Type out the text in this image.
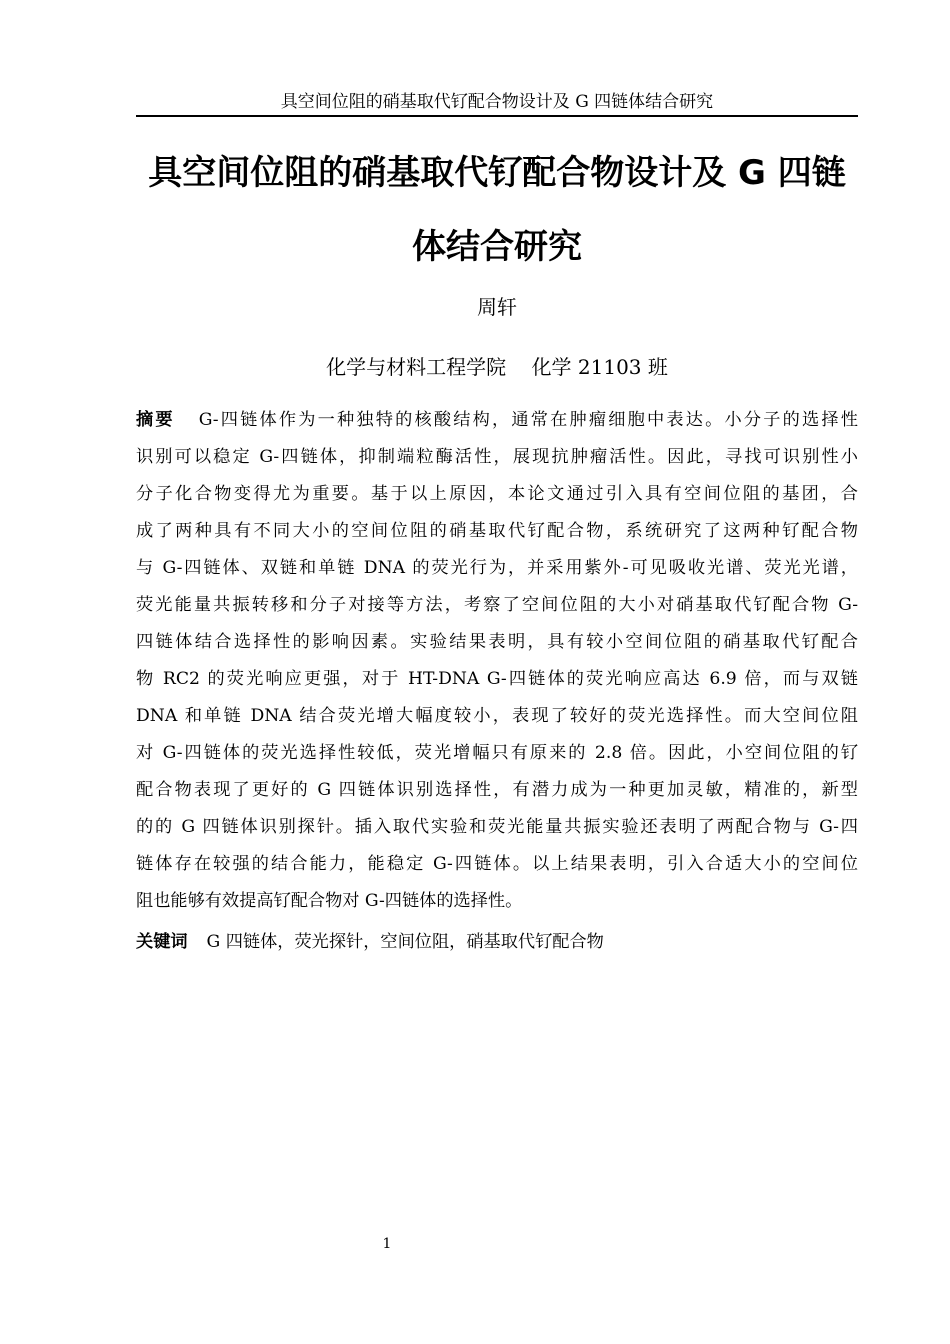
具空间位阻的硝基取代钌配合物设计及 G 四链体结合研究
具空间位阻的硝基取代钌配合物设计及 G 四链
体结合研究
周轩
化学与材料工程学院    化学 21103 班
摘要 G-四链体作为一种独特的核酸结构，通常在肿瘤细胞中表达。小分子的选择性
识别可以稳定 G-四链体，抑制端粒酶活性，展现抗肿瘤活性。因此，寻找可识别性小
分子化合物变得尤为重要。基于以上原因，本论文通过引入具有空间位阻的基团，合
成了两种具有不同大小的空间位阻的硝基取代钌配合物，系统研究了这两种钌配合物
与 G-四链体、双链和单链 DNA 的荧光行为，并采用紫外-可见吸收光谱、荧光光谱，
荧光能量共振转移和分子对接等方法，考察了空间位阻的大小对硝基取代钌配合物 G-
四链体结合选择性的影响因素。实验结果表明，具有较小空间位阻的硝基取代钌配合
物 RC2 的荧光响应更强，对于 HT-DNA G-四链体的荧光响应高达 6.9 倍，而与双链
DNA 和单链 DNA 结合荧光增大幅度较小，表现了较好的荧光选择性。而大空间位阻
对 G-四链体的荧光选择性较低，荧光增幅只有原来的 2.8 倍。因此，小空间位阻的钌
配合物表现了更好的 G 四链体识别选择性，有潜力成为一种更加灵敏，精准的，新型
的的 G 四链体识别探针。插入取代实验和荧光能量共振实验还表明了两配合物与 G-四
链体存在较强的结合能力，能稳定 G-四链体。以上结果表明，引入合适大小的空间位
阻也能够有效提高钌配合物对 G-四链体的选择性。
关键词 G 四链体，荧光探针，空间位阻，硝基取代钌配合物
1
